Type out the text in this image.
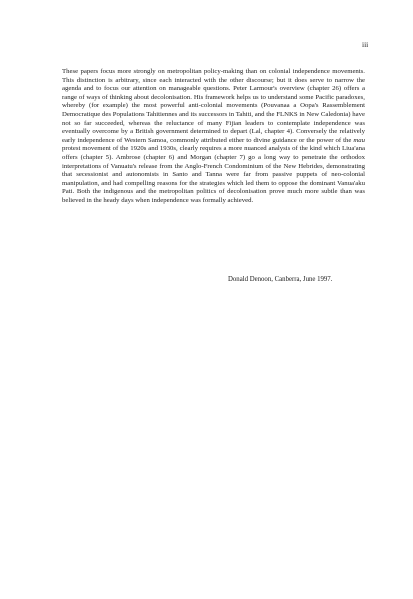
iii

These papers focus more strongly on metropolitan policy-making than on colonial independence movements. This distinction is arbitrary, since each interacted with the other discourse; but it does serve to narrow the agenda and to focus our attention on manageable questions. Peter Larmour's overview (chapter 26) offers a range of ways of thinking about decolonisation. His framework helps us to understand some Pacific paradoxes, whereby (for example) the most powerful anti-colonial movements (Pouvanaa a Oopa's Rassemblement Democratique des Populations Tahitiennes and its successors in Tahiti, and the FLNKS in New Caledonia) have not so far succeeded, whereas the reluctance of many Fijian leaders to contemplate independence was eventually overcome by a British government determined to depart (Lal, chapter 4). Conversely the relatively early independence of Western Samoa, commonly attributed either to divine guidance or the power of the mau protest movement of the 1920s and 1930s, clearly requires a more nuanced analysis of the kind which Liua'ana offers (chapter 5). Ambrose (chapter 6) and Morgan (chapter 7) go a long way to penetrate the orthodox interpretations of Vanuatu's release from the Anglo-French Condominium of the New Hebrides, demonstrating that secessionist and autonomists in Santo and Tanna were far from passive puppets of neo-colonial manipulation, and had compelling reasons for the strategies which led them to oppose the dominant Vanua'aku Pati. Both the indigenous and the metropolitan politics of decolonisation prove much more subtle than was believed in the heady days when independence was formally achieved.

Donald Denoon, Canberra, June 1997.
